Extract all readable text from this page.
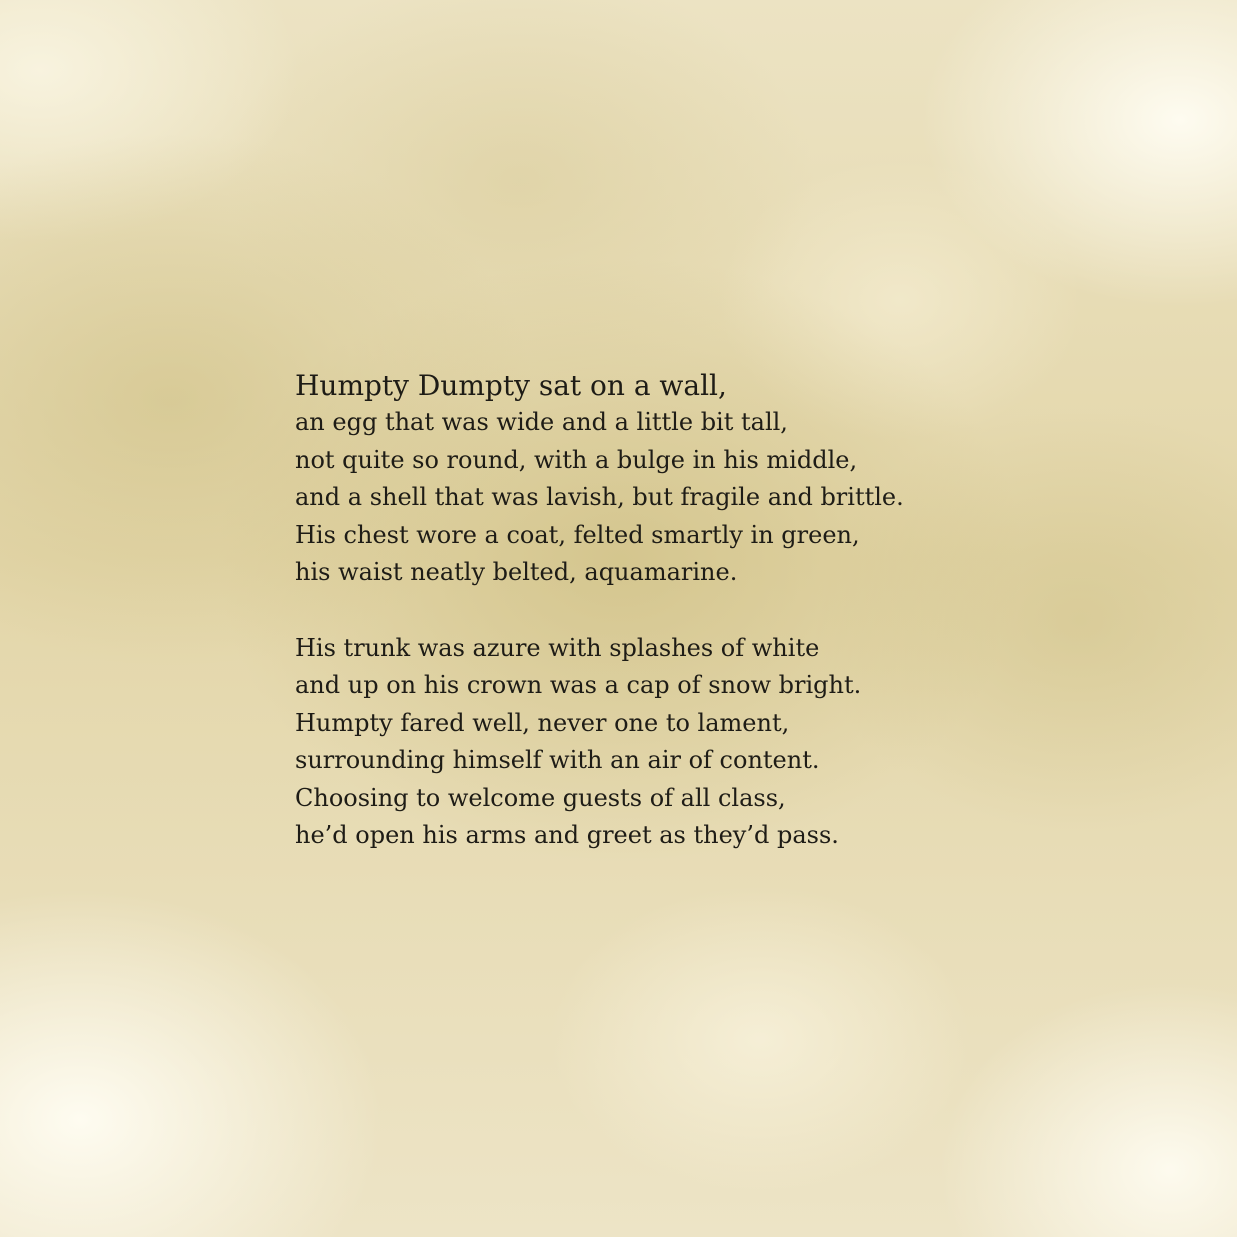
Humpty Dumpty sat on a wall,
an egg that was wide and a little bit tall,
not quite so round, with a bulge in his middle,
and a shell that was lavish, but fragile and brittle.
His chest wore a coat, felted smartly in green,
his waist neatly belted, aquamarine.
His trunk was azure with splashes of white
and up on his crown was a cap of snow bright.
Humpty fared well, never one to lament,
surrounding himself with an air of content.
Choosing to welcome guests of all class,
he’d open his arms and greet as they’d pass.
